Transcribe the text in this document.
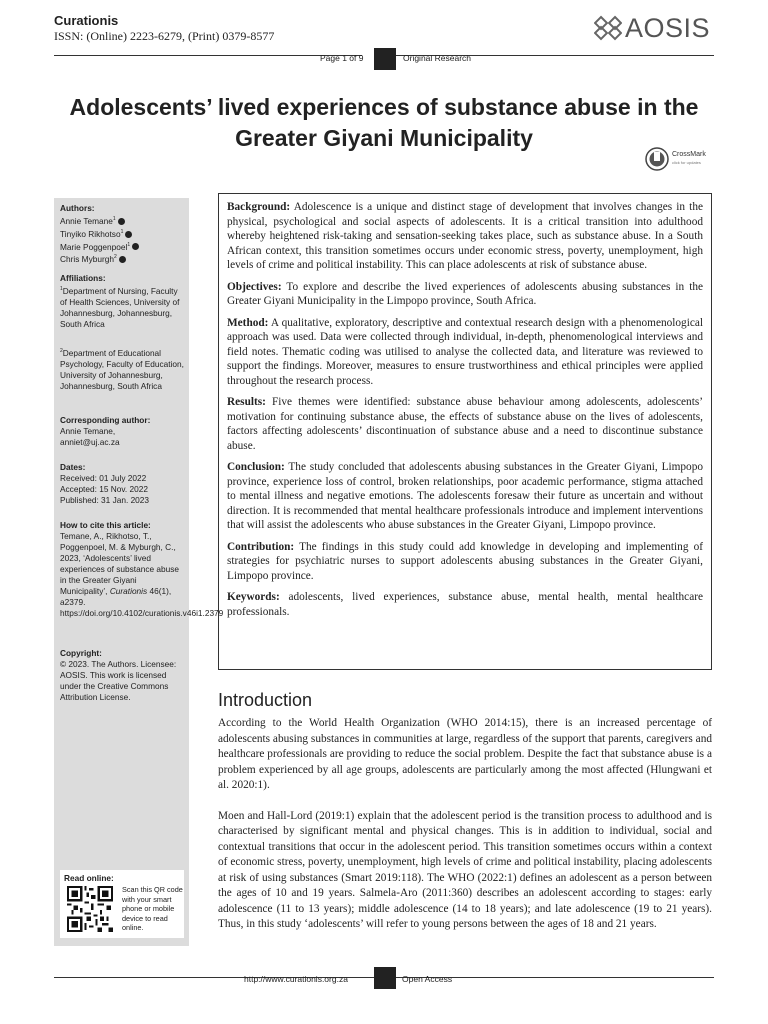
Curationis
ISSN: (Online) 2223-6279, (Print) 0379-8577	AOSIS
Page 1 of 9	Original Research
Adolescents’ lived experiences of substance abuse in the Greater Giyani Municipality
CrossMark
click for updates
Authors:
Annie Temane$^1$
Tinyiko Rikhotso$^1$
Marie Poggenpoel$^1$
Chris Myburgh$^2$
Affiliations:
$^1$Department of Nursing, Faculty of Health Sciences, University of Johannesburg, Johannesburg, South Africa
$^2$Department of Educational Psychology, Faculty of Education, University of Johannesburg, Johannesburg, South Africa
Corresponding author:
Annie Temane,
anniet@uj.ac.za
Dates:
Received: 01 July 2022
Accepted: 15 Nov. 2022
Published: 31 Jan. 2023
How to cite this article:
Temane, A., Rikhotso, T., Poggenpoel, M. & Myburgh, C., 2023, ‘Adolescents’ lived experiences of substance abuse in the Greater Giyani Municipality’, Curationis 46(1), a2379. https://doi.org/10.4102/curationis.v46i1.2379
Copyright:
© 2023. The Authors. Licensee: AOSIS. This work is licensed under the Creative Commons Attribution License.
Read online:
Scan this QR code with your smart phone or mobile device to read online.

Background: Adolescence is a unique and distinct stage of development that involves changes in the physical, psychological and social aspects of adolescents. It is a critical transition into adulthood whereby heightened risk-taking and sensation-seeking takes place, such as substance abuse. In a South African context, this transition sometimes occurs under economic stress, poverty, unemployment, high levels of crime and political instability. This can place adolescents at risk of substance abuse.

Objectives: To explore and describe the lived experiences of adolescents abusing substances in the Greater Giyani Municipality in the Limpopo province, South Africa.

Method: A qualitative, exploratory, descriptive and contextual research design with a phenomenological approach was used. Data were collected through individual, in-depth, phenomenological interviews and field notes. Thematic coding was utilised to analyse the collected data, and literature was reviewed to support the findings. Moreover, measures to ensure trustworthiness and ethical principles were applied throughout the research process.

Results: Five themes were identified: substance abuse behaviour among adolescents, adolescents’ motivation for continuing substance abuse, the effects of substance abuse on the lives of adolescents, factors affecting adolescents’ discontinuation of substance abuse and a need to discontinue substance abuse.

Conclusion: The study concluded that adolescents abusing substances in the Greater Giyani, Limpopo province, experience loss of control, broken relationships, poor academic performance, stigma attached to mental illness and negative emotions. The adolescents foresaw their future as uncertain and without direction. It is recommended that mental healthcare professionals introduce and implement interventions that will assist the adolescents who abuse substances in the Greater Giyani, Limpopo province.

Contribution: The findings in this study could add knowledge in developing and implementing of strategies for psychiatric nurses to support adolescents abusing substances in the Greater Giyani, Limpopo province.

Keywords: adolescents, lived experiences, substance abuse, mental health, mental healthcare professionals.

Introduction

According to the World Health Organization (WHO 2014:15), there is an increased percentage of adolescents abusing substances in communities at large, regardless of the support that parents, caregivers and healthcare professionals are providing to reduce the social problem. Despite the fact that substance abuse is a problem experienced by all age groups, adolescents are particularly among the most affected (Hlungwani et al. 2020:1).

Moen and Hall-Lord (2019:1) explain that the adolescent period is the transition process to adulthood and is characterised by significant mental and physical changes. This is in addition to individual, social and contextual transitions that occur in the adolescent period. This transition sometimes occurs within a context of economic stress, poverty, unemployment, high levels of crime and political instability, placing adolescents at risk of using substances (Smart 2019:118). The WHO (2022:1) defines an adolescent as a person between the ages of 10 and 19 years. Salmela-Aro (2011:360) describes an adolescent according to stages: early adolescence (11 to 13 years); middle adolescence (14 to 18 years); and late adolescence (19 to 21 years). Thus, in this study ‘adolescents’ will refer to young persons between the ages of 18 and 21 years.

http://www.curationis.org.za	Open Access
